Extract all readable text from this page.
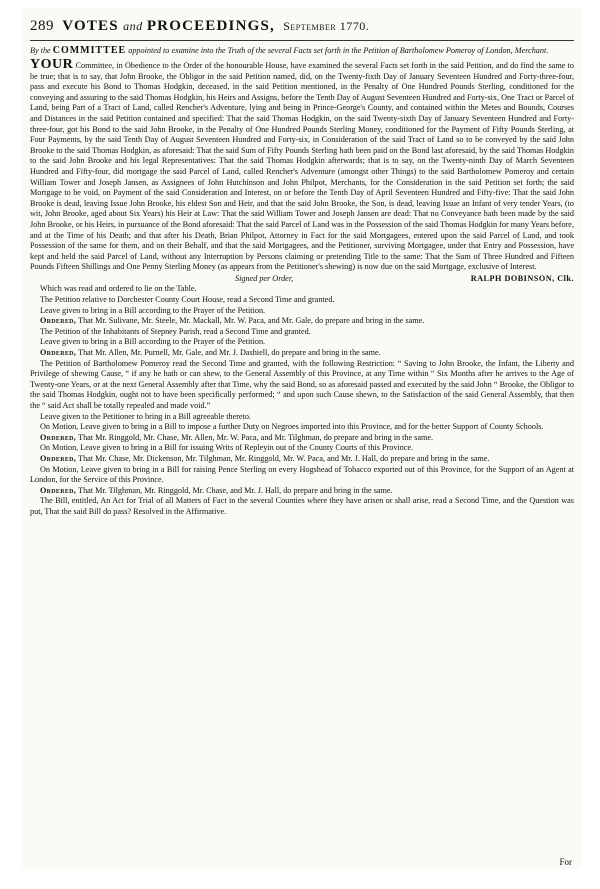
289 VOTES and PROCEEDINGS, September 1770.

By the COMMITTEE appointed to examine into the Truth of the several Facts set forth in the Petition of Bartholomew Pomeroy of London, Merchant.

YOUR Committee, in Obedience to the Order of the honourable House, have examined the several Facts set forth in the said Petition, and do find the same to be true; that is to say, that John Brooke, the Obligor in the said Petition named, did, on the Twenty-fixth Day of January Seventeen Hundred and Forty-three-four, pass and execute his Bond to Thomas Hodgkin, deceased, in the said Petition mentioned, in the Penalty of One Hundred Pounds Sterling, conditioned for the conveying and assuring to the said Thomas Hodgkin, his Heirs and Assigns, before the Tenth Day of August Seventeen Hundred and Forty-six, One Tract or Parcel of Land, being Part of a Tract of Land, called Rencher's Adventure, lying and being in Prince-George's County, and contained within the Metes and Bounds, Courses and Distances in the said Petition contained and specified: That the said Thomas Hodgkin, on the said Twenty-sixth Day of January Seventeen Hundred and Forty-three-four, got his Bond to the said John Brooke, in the Penalty of One Hundred Pounds Sterling Money, conditioned for the Payment of Fifty Pounds Sterling, at Four Payments, by the said Tenth Day of August Seventeen Hundred and Forty-six, in Consideration of the said Tract of Land so to be conveyed by the said John Brooke to the said Thomas Hodgkin, as aforesaid: That the said Sum of Fifty Pounds Sterling hath been paid on the Bond last aforesaid, by the said Thomas Hodgkin to the said John Brooke and his legal Representatives: That the said Thomas Hodgkin afterwards; that is to say, on the Twenty-ninth Day of March Seventeen Hundred and Fifty-four, did mortgage the said Parcel of Land, called Rencher's Adventure (amongst other Things) to the said Bartholomew Pomeroy and certain William Tower and Joseph Jansen, as Assignees of John Hutchinson and John Philpot, Merchants, for the Consideration in the said Petition set forth; the said Mortgage to be void, on Payment of the said Consideration and Interest, on or before the Tenth Day of April Seventeen Hundred and Fifty-five: That the said John Brooke is dead, leaving Issue John Brooke, his eldest Son and Heir, and that the said John Brooke, the Son, is dead, leaving Issue an Infant of very tender Years, (to wit, John Brooke, aged about Six Years) his Heir at Law: That the said William Tower and Joseph Jansen are dead: That no Conveyance hath been made by the said John Brooke, or his Heirs, in pursuance of the Bond aforesaid: That the said Parcel of Land was in the Possession of the said Thomas Hodgkin for many Years before, and at the Time of his Death; and that after his Death, Brian Philpot, Attorney in Fact for the said Mortgagees, entered upon the said Parcel of Land, and took Possession of the same for them, and on their Behalf, and that the said Mortgagees, and the Petitioner, surviving Mortgagee, under that Entry and Possession, have kept and held the said Parcel of Land, without any Interruption by Persons claiming or pretending Title to the same: That the Sum of Three Hundred and Fifteen Pounds Fifteen Shillings and One Penny Sterling Money (as appears from the Petitioner's shewing) is now due on the said Mortgage, exclusive of Interest.

Signed per Order,	RALPH DOBINSON, Clk.

Which was read and ordered to lie on the Table.

The Petition relative to Dorchester County Court House, read a Second Time and granted.

Leave given to bring in a Bill according to the Prayer of the Petition.

Ordered, That Mr. Sulivane, Mr. Steele, Mr. Mackall, Mr. W. Paca, and Mr. Gale, do prepare and bring in the same.

The Petition of the Inhabitants of Stepney Parish, read a Second Time and granted.

Leave given to bring in a Bill according to the Prayer of the Petition.

Ordered, That Mr. Allen, Mr. Purnell, Mr. Gale, and Mr. J. Dashiell, do prepare and bring in the same.

The Petition of Bartholomew Pomeroy read the Second Time and granted, with the following Restriction: “ Saving to John Brooke, the Infant, the Liberty and Privilege of shewing Cause, “ if any he hath or can shew, to the General Assembly of this Province, at any Time within “ Six Months after he arrives to the Age of Twenty-one Years, or at the next General Assembly after that Time, why the said Bond, so as aforesaid passed and executed by the said John “ Brooke, the Obligor to the said Thomas Hodgkin, ought not to have been specifically performed; “ and upon such Cause shewn, to the Satisfaction of the said General Assembly, that then the “ said Act shall be totally repealed and made void.”

Leave given to the Petitioner to bring in a Bill agreeable thereto.

On Motion, Leave given to bring in a Bill to impose a further Duty on Negroes imported into this Province, and for the better Support of County Schools.

Ordered, That Mr. Ringgold, Mr. Chase, Mr. Allen, Mr. W. Paca, and Mr. Tilghman, do prepare and bring in the same.

On Motion, Leave given to bring in a Bill for issuing Writs of Repleyin out of the County Courts of this Province.

Ordered, That Mr. Chase, Mr. Dickenson, Mr. Tilghman, Mr. Ringgold, Mr. W. Paca, and Mr. J. Hall, do prepare and bring in the same.

On Motion, Leave given to bring in a Bill for raising Pence Sterling on every Hogshead of Tobacco exported out of this Province, for the Support of an Agent at London, for the Service of this Province.

Ordered, That Mr. Tilghman, Mr. Ringgold, Mr. Chase, and Mr. J. Hall, do prepare and bring in the same.

The Bill, entitled, An Act for Trial of all Matters of Fact in the several Counties where they have arisen or shall arise, read a Second Time, and the Question was put, That the said Bill do pass? Resolved in the Affirmative.

For
